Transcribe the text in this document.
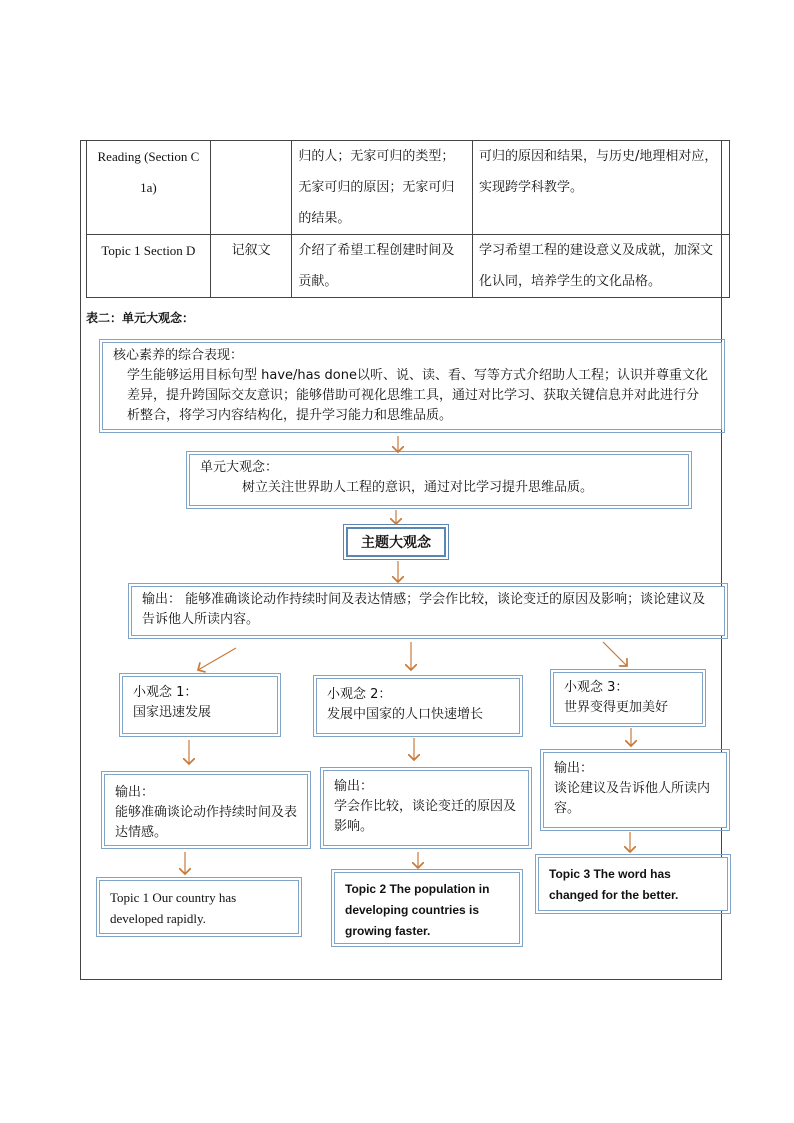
Reading (Section C 1a)		归的人；无家可归的类型；无家可归的原因；无家可归的结果。	可归的原因和结果，与历史/地理相对应，实现跨学科教学。
Topic 1 Section D	记叙文	介绍了希望工程创建时间及贡献。	学习希望工程的建设意义及成就，加深文化认同，培养学生的文化品格。
表二：单元大观念：
核心素养的综合表现：
学生能够运用目标句型 have/has done以听、说、读、看、写等方式介绍助人工程；认识并尊重文化差异，提升跨国际交友意识；能够借助可视化思维工具，通过对比学习、获取关键信息并对此进行分析整合，将学习内容结构化，提升学习能力和思维品质。
单元大观念：
树立关注世界助人工程的意识，通过对比学习提升思维品质。
主题大观念
输出： 能够准确谈论动作持续时间及表达情感；学会作比较，谈论变迁的原因及影响；谈论建议及告诉他人所读内容。
小观念 1：
国家迅速发展
小观念 2：
发展中国家的人口快速增长
小观念 3：
世界变得更加美好
输出：
能够准确谈论动作持续时间及表达情感。
输出：
学会作比较，谈论变迁的原因及影响。
输出：
谈论建议及告诉他人所读内容。
Topic 1 Our country has developed rapidly.
Topic 2 The population in developing countries is growing faster.
Topic 3 The word has changed for the better.
